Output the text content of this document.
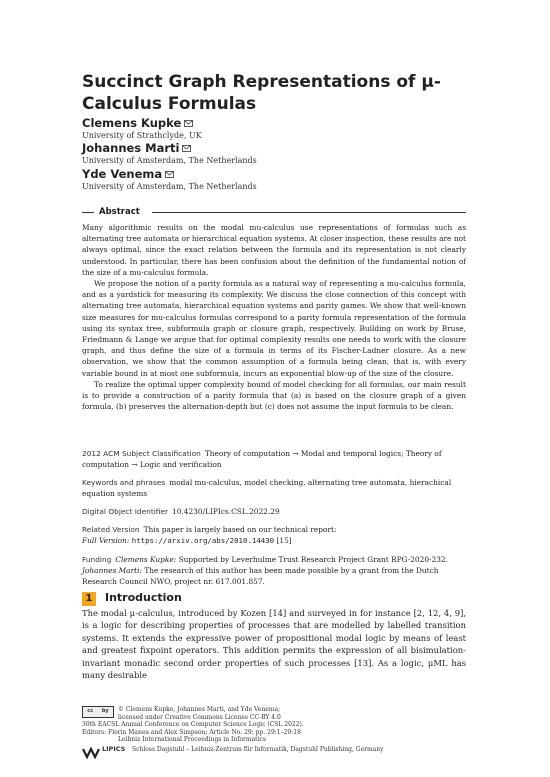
Succinct Graph Representations of μ-Calculus Formulas
Clemens Kupke
University of Strathclyde, UK
Johannes Marti
University of Amsterdam, The Netherlands
Yde Venema
University of Amsterdam, The Netherlands
Abstract

Many algorithmic results on the modal mu-calculus use representations of formulas such as alternating tree automata or hierarchical equation systems. At closer inspection, these results are not always optimal, since the exact relation between the formula and its representation is not clearly understood. In particular, there has been confusion about the definition of the fundamental notion of the size of a mu-calculus formula.

We propose the notion of a parity formula as a natural way of representing a mu-calculus formula, and as a yardstick for measuring its complexity. We discuss the close connection of this concept with alternating tree automata, hierarchical equation systems and parity games. We show that well-known size measures for mu-calculus formulas correspond to a parity formula representation of the formula using its syntax tree, subformula graph or closure graph, respectively. Building on work by Bruse, Friedmann & Lange we argue that for optimal complexity results one needs to work with the closure graph, and thus define the size of a formula in terms of its Fischer-Ladner closure. As a new observation, we show that the common assumption of a formula being clean, that is, with every variable bound in at most one subformula, incurs an exponential blow-up of the size of the closure.

To realize the optimal upper complexity bound of model checking for all formulas, our main result is to provide a construction of a parity formula that (a) is based on the closure graph of a given formula, (b) preserves the alternation-depth but (c) does not assume the input formula to be clean.

2012 ACM Subject Classification Theory of computation → Modal and temporal logics; Theory of computation → Logic and verification
Keywords and phrases modal mu-calculus, model checking, alternating tree automata, hierachical equation systems
Digital Object Identifier 10.4230/LIPIcs.CSL.2022.29
Related Version This paper is largely based on our technical report:
Full Version: https://arxiv.org/abs/2010.14430 [15]
Funding Clemens Kupke: Supported by Leverhulme Trust Research Project Grant RPG-2020-232.
Johannes Marti: The research of this author has been made possible by a grant from the Dutch Research Council NWO, project nr. 617.001.857.
1 Introduction

The modal μ-calculus, introduced by Kozen [14] and surveyed in for instance [2, 12, 4, 9], is a logic for describing properties of processes that are modelled by labelled transition systems. It extends the expressive power of propositional modal logic by means of least and greatest fixpoint operators. This addition permits the expression of all bisimulation-invariant monadic second order properties of such processes [13]. As a logic, μML has many desirable

cc by © Clemens Kupke, Johannes Marti, and Yde Venema;
licensed under Creative Commons License CC-BY 4.0
30th EACSL Annual Conference on Computer Science Logic (CSL 2022).
Editors: Florin Manea and Alex Simpson; Article No. 29; pp. 29:1–29:18
Leibniz International Proceedings in Informatics
LIPICS Schloss Dagstuhl – Leibniz-Zentrum für Informatik, Dagstuhl Publishing, Germany
